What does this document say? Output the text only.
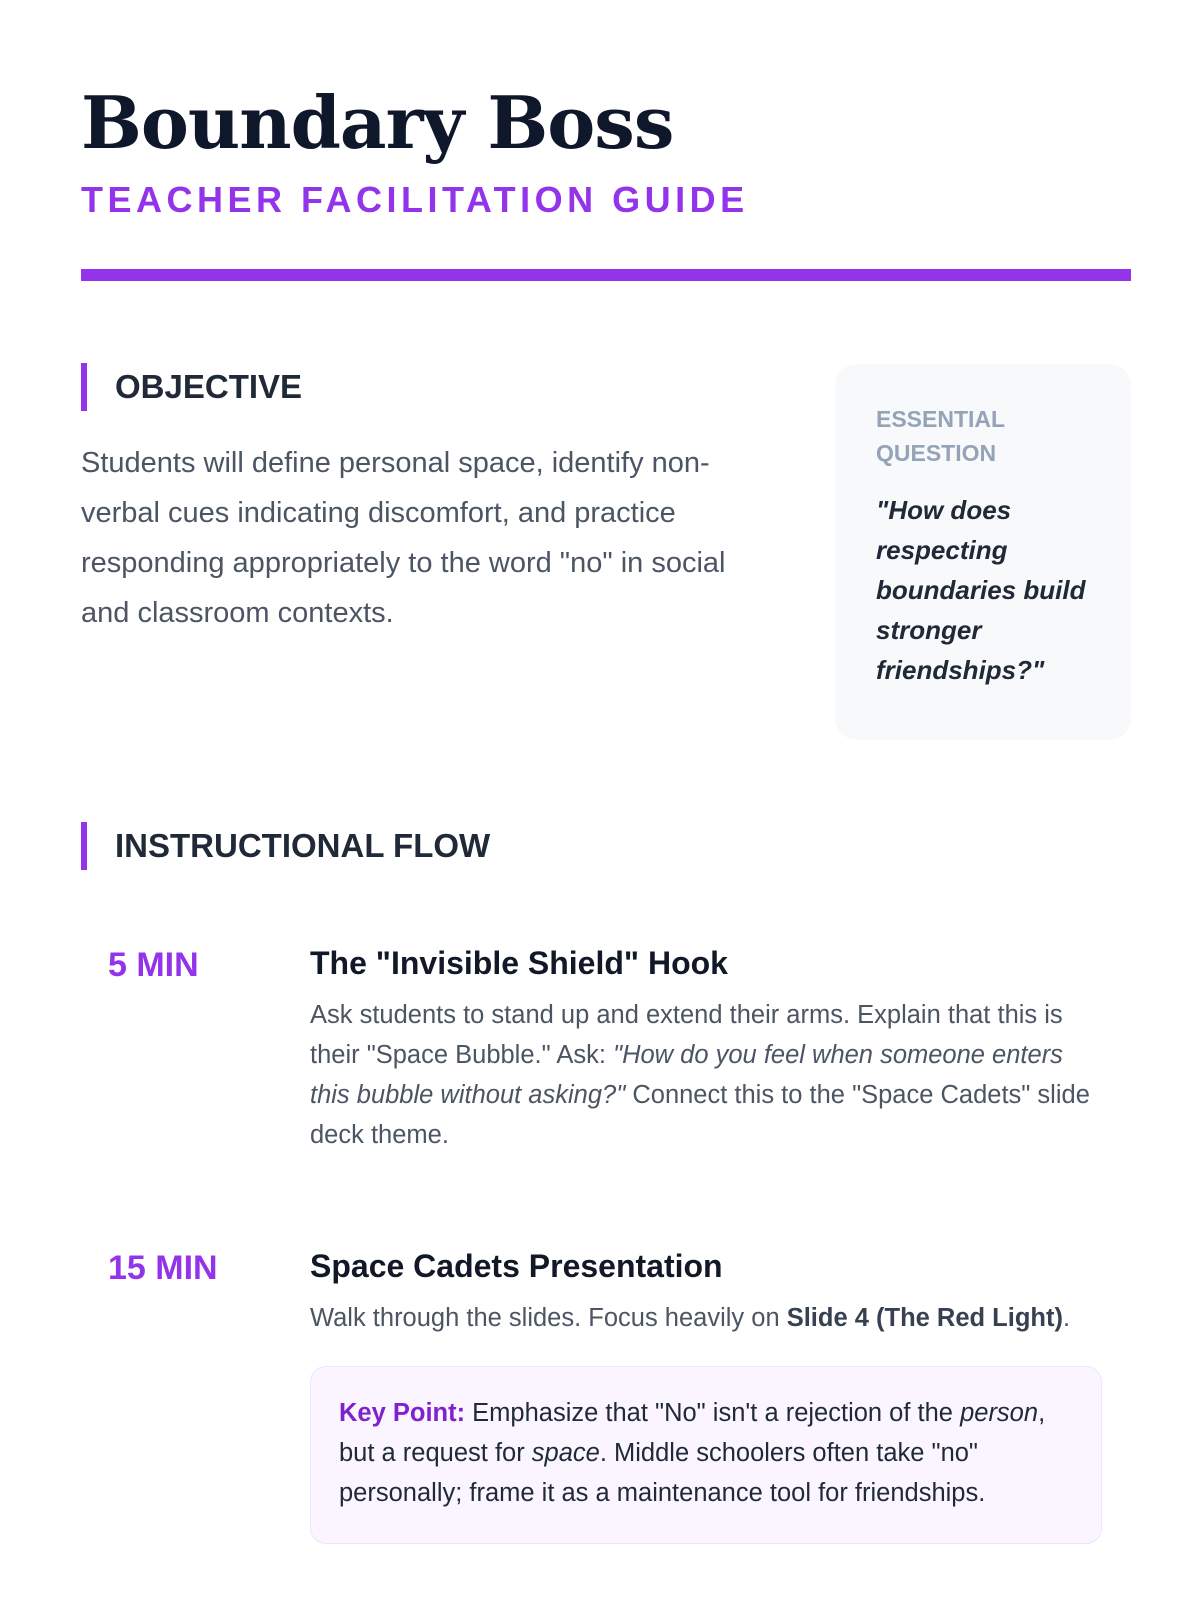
Boundary Boss
TEACHER FACILITATION GUIDE
OBJECTIVE

Students will define personal space, identify non-verbal cues indicating discomfort, and practice responding appropriately to the word "no" in social and classroom contexts.

ESSENTIAL QUESTION

"How does respecting boundaries build stronger friendships?"

INSTRUCTIONAL FLOW
5 MIN	The "Invisible Shield" Hook

Ask students to stand up and extend their arms. Explain that this is their "Space Bubble." Ask: "How do you feel when someone enters this bubble without asking?" Connect this to the "Space Cadets" slide deck theme.

15 MIN	Space Cadets Presentation

Walk through the slides. Focus heavily on Slide 4 (The Red Light).

Key Point: Emphasize that "No" isn't a rejection of the person, but a request for space. Middle schoolers often take "no" personally; frame it as a maintenance tool for friendships.
